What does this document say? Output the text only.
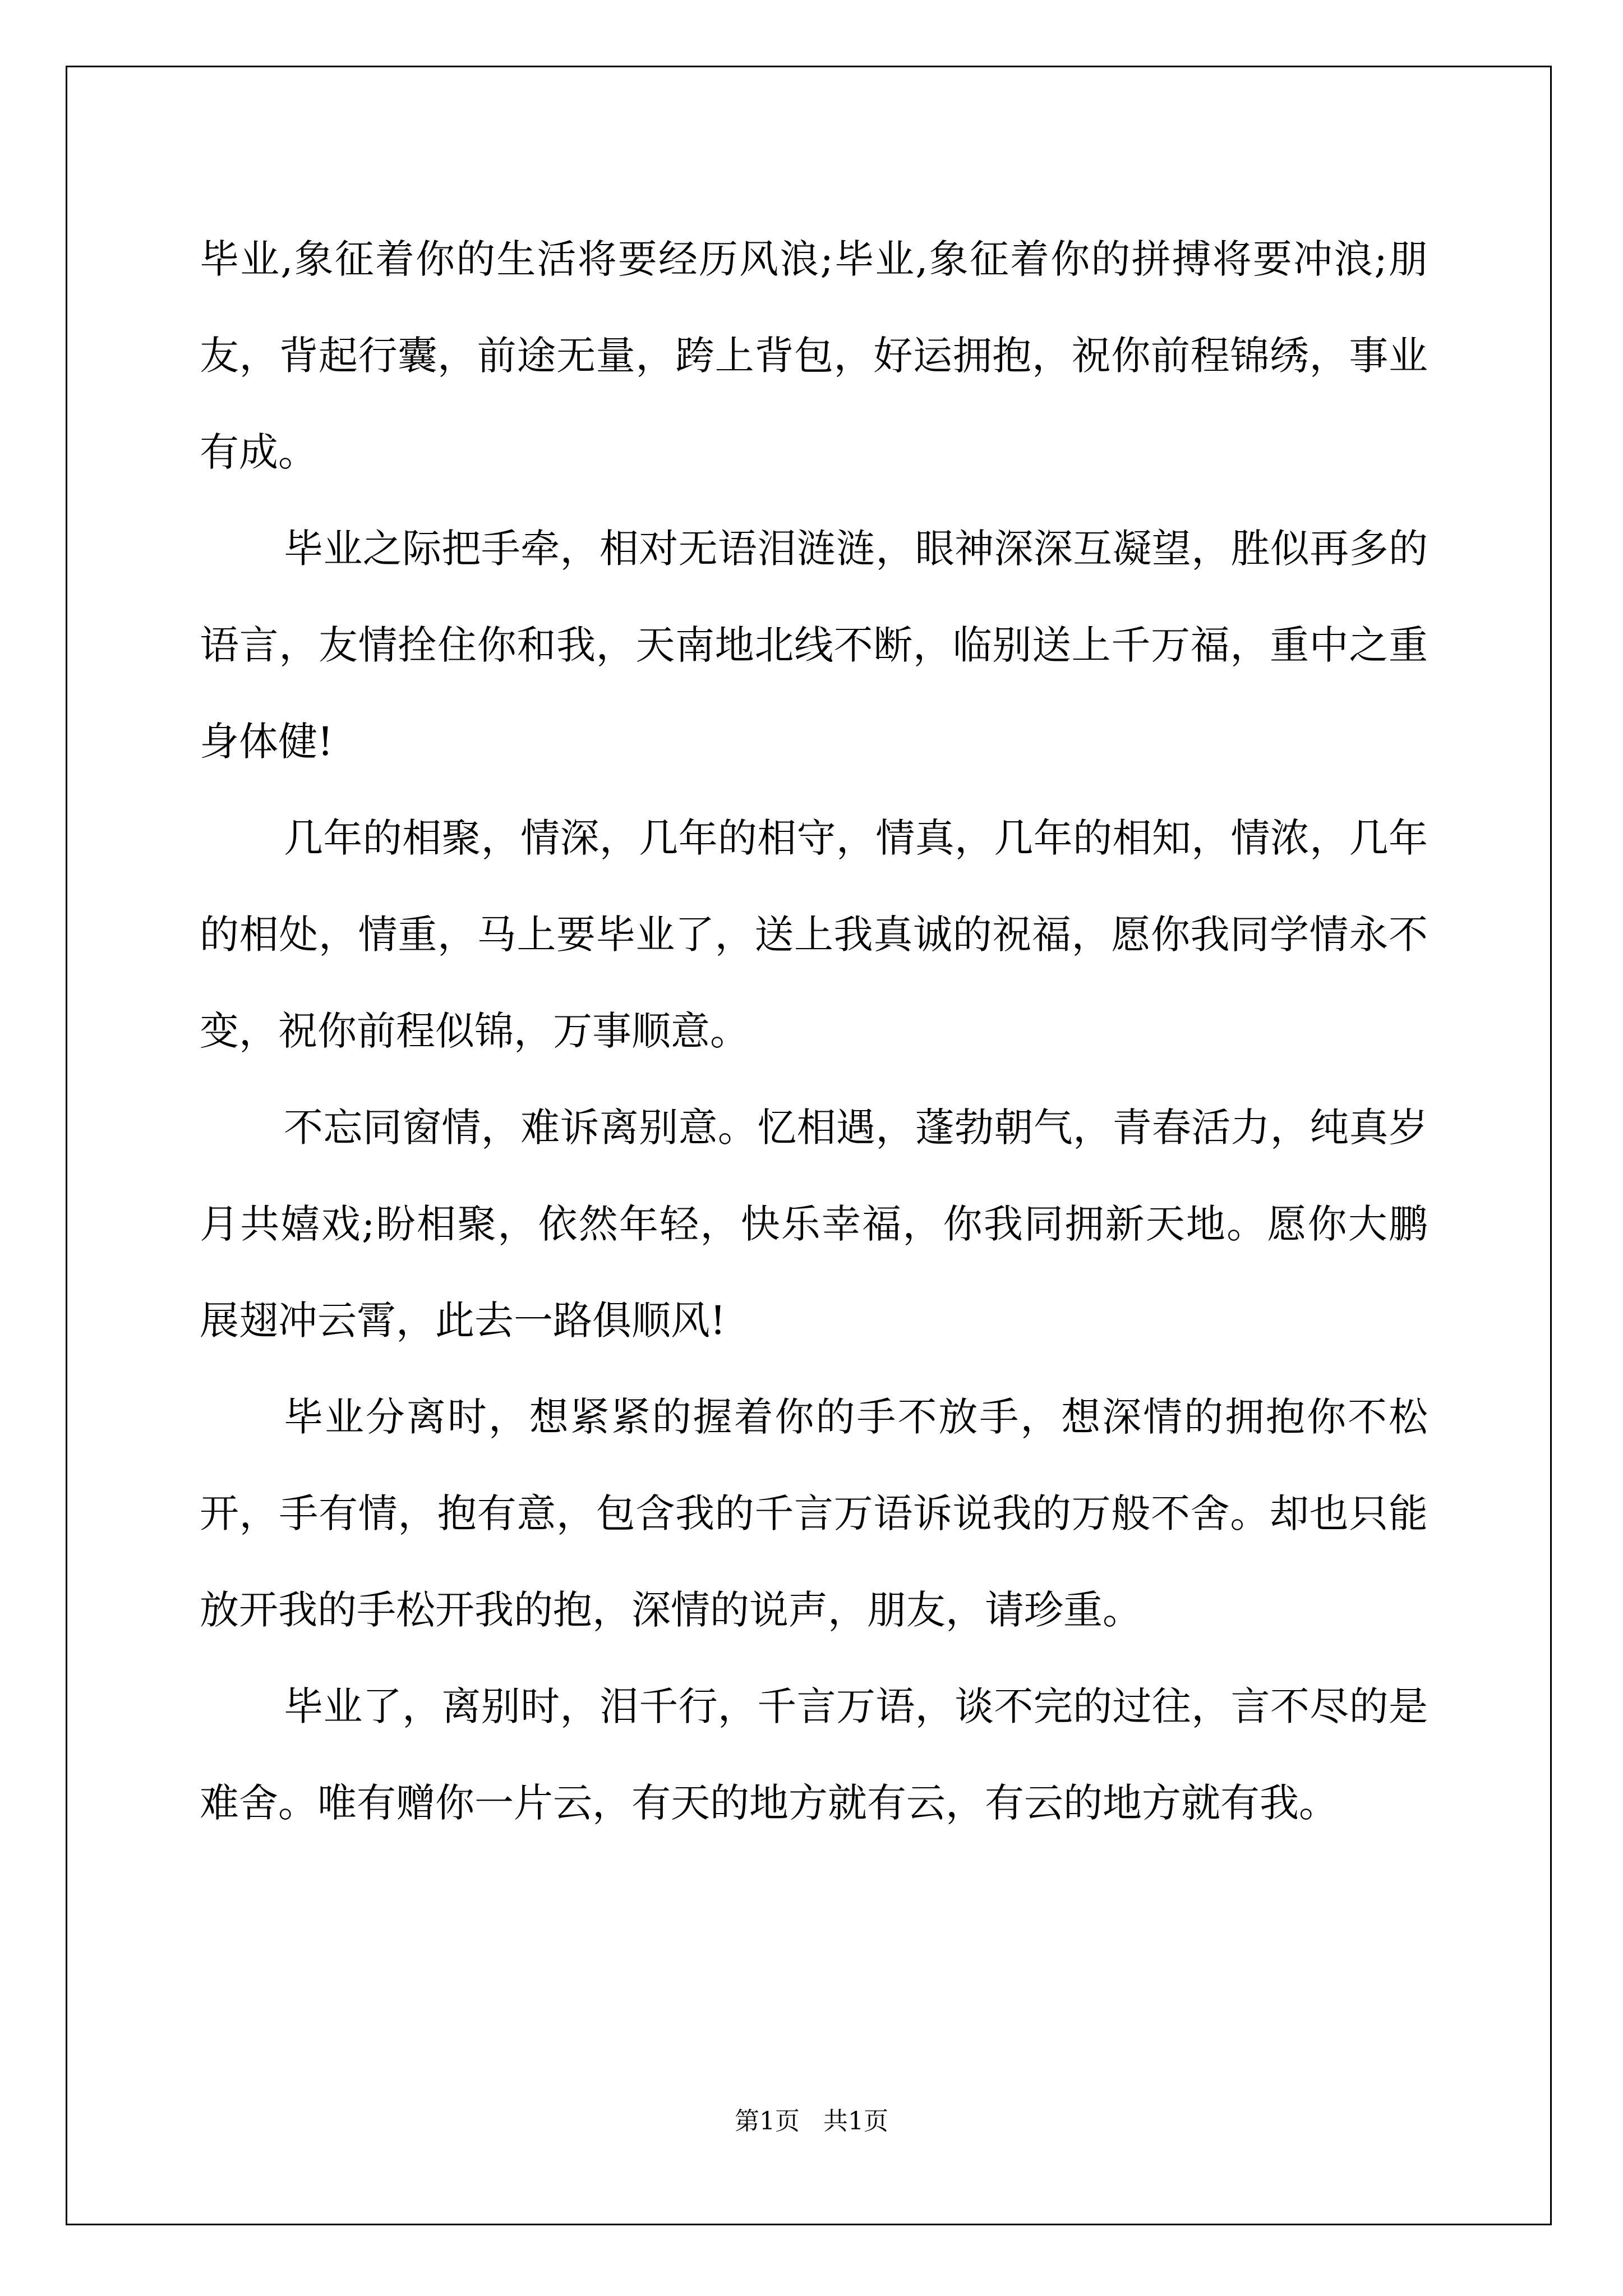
毕业,象征着你的生活将要经历风浪;毕业,象征着你的拼搏将要冲浪;朋友，背起行囊，前途无量，跨上背包，好运拥抱，祝你前程锦绣，事业有成。

毕业之际把手牵，相对无语泪涟涟，眼神深深互凝望，胜似再多的语言，友情拴住你和我，天南地北线不断，临别送上千万福，重中之重身体健!

几年的相聚，情深，几年的相守，情真，几年的相知，情浓，几年的相处，情重，马上要毕业了，送上我真诚的祝福，愿你我同学情永不变，祝你前程似锦，万事顺意。

不忘同窗情，难诉离别意。忆相遇，蓬勃朝气，青春活力，纯真岁月共嬉戏;盼相聚，依然年轻，快乐幸福，你我同拥新天地。愿你大鹏展翅冲云霄，此去一路俱顺风!

毕业分离时，想紧紧的握着你的手不放手，想深情的拥抱你不松开，手有情，抱有意，包含我的千言万语诉说我的万般不舍。却也只能放开我的手松开我的抱，深情的说声，朋友，请珍重。

毕业了，离别时，泪千行，千言万语，谈不完的过往，言不尽的是难舍。唯有赠你一片云，有天的地方就有云，有云的地方就有我。

第1页   共1页
